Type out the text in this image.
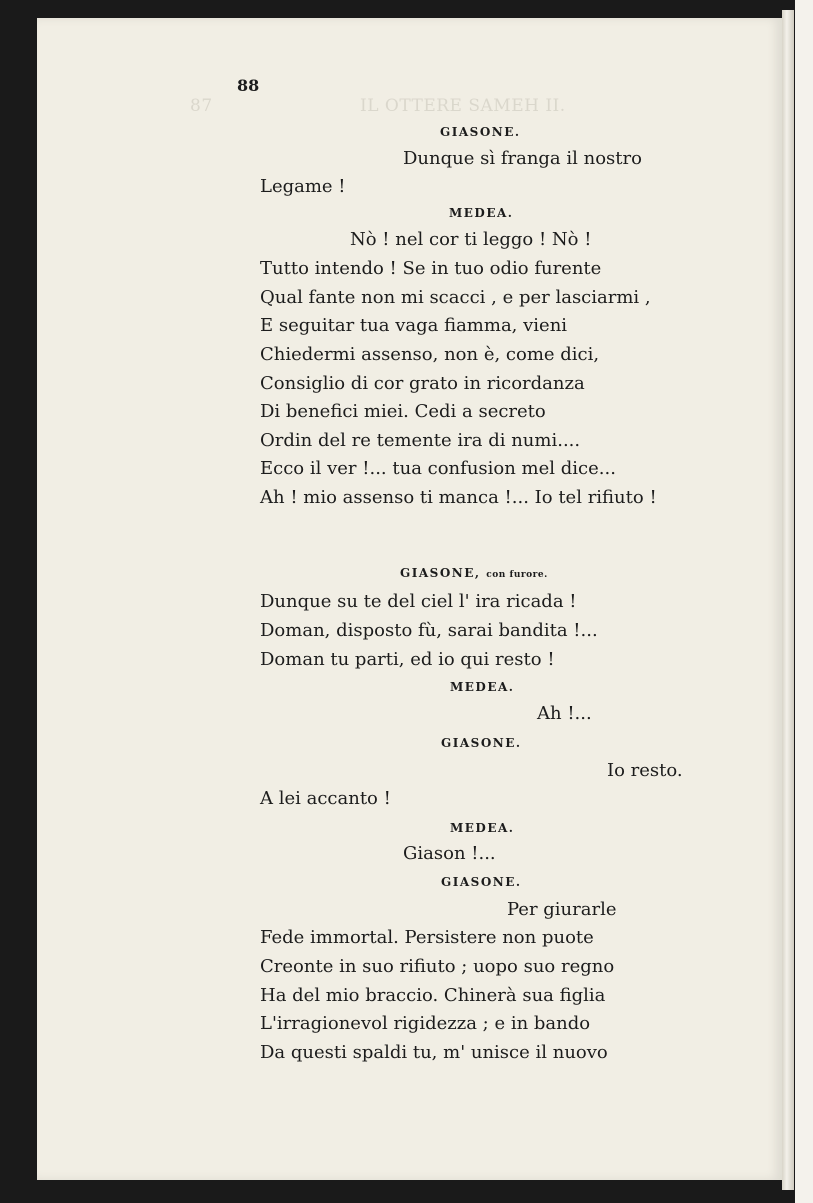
IL OTTERE SAMEH II.
87
88
GIASONE.
Dunque sì franga il nostro
Legame !
MEDEA.
Nò ! nel cor ti leggo ! Nò !
Tutto intendo ! Se in tuo odio furente
Qual fante non mi scacci , e per lasciarmi ,
E seguitar tua vaga fiamma, vieni
Chiedermi assenso, non è, come dici,
Consiglio di cor grato in ricordanza
Di benefici miei. Cedi a secreto
Ordin del re temente ira di numi....
Ecco il ver !... tua confusion mel dice...
Ah ! mio assenso ti manca !... Io tel rifiuto !
GIASONE, con furore.
Dunque su te del ciel l' ira ricada !
Doman, disposto fù, sarai bandita !...
Doman tu parti, ed io qui resto !
MEDEA.
Ah !...
GIASONE.
Io resto.
A lei accanto !
MEDEA.
Giason !...
GIASONE.
Per giurarle
Fede immortal. Persistere non puote
Creonte in suo rifiuto ; uopo suo regno
Ha del mio braccio. Chinerà sua figlia
L'irragionevol rigidezza ; e in bando
Da questi spaldi tu, m' unisce il nuovo
